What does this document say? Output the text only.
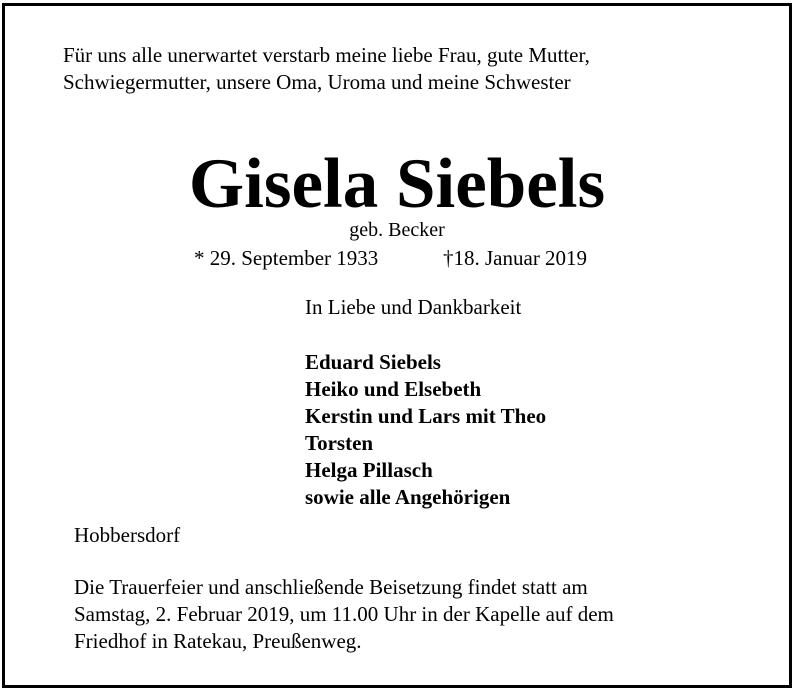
Für uns alle unerwartet verstarb meine liebe Frau, gute Mutter,
Schwiegermutter, unsere Oma, Uroma und meine Schwester
Gisela Siebels
geb. Becker
* 29. September 1933	†18. Januar 2019
In Liebe und Dankbarkeit
Eduard Siebels
Heiko und Elsebeth
Kerstin und Lars mit Theo
Torsten
Helga Pillasch
sowie alle Angehörigen
Hobbersdorf
Die Trauerfeier und anschließende Beisetzung findet statt am
Samstag, 2. Februar 2019, um 11.00 Uhr in der Kapelle auf dem
Friedhof in Ratekau, Preußenweg.
